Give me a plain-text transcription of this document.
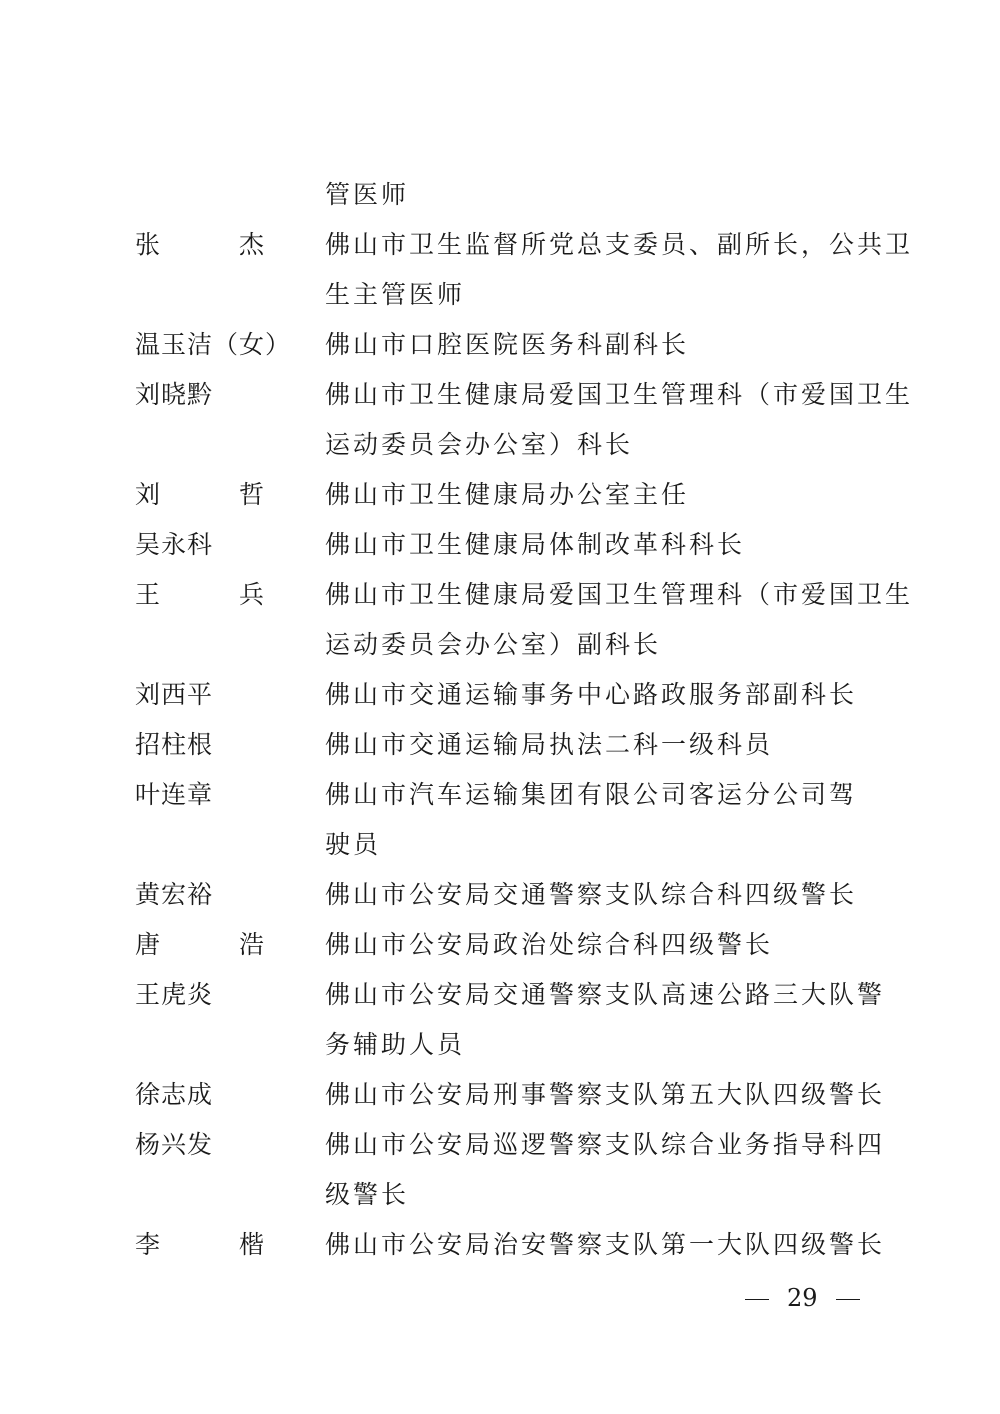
管医师
张　杰	佛山市卫生监督所党总支委员、副所长，公共卫
生主管医师
温玉洁（女）	佛山市口腔医院医务科副科长
刘晓黔	佛山市卫生健康局爱国卫生管理科（市爱国卫生
运动委员会办公室）科长
刘　哲	佛山市卫生健康局办公室主任
吴永科	佛山市卫生健康局体制改革科科长
王　兵	佛山市卫生健康局爱国卫生管理科（市爱国卫生
运动委员会办公室）副科长
刘西平	佛山市交通运输事务中心路政服务部副科长
招柱根	佛山市交通运输局执法二科一级科员
叶连章	佛山市汽车运输集团有限公司客运分公司驾
驶员
黄宏裕	佛山市公安局交通警察支队综合科四级警长
唐　浩	佛山市公安局政治处综合科四级警长
王虎炎	佛山市公安局交通警察支队高速公路三大队警
务辅助人员
徐志成	佛山市公安局刑事警察支队第五大队四级警长
杨兴发	佛山市公安局巡逻警察支队综合业务指导科四
级警长
李　楷	佛山市公安局治安警察支队第一大队四级警长
29
